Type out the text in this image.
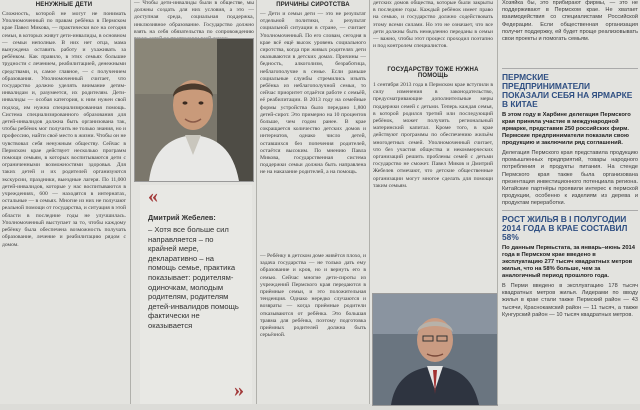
НЕНУЖНЫЕ ДЕТИ

Сложность, которой не могут не понимать Уполномоченный по правам ребёнка в Пермском крае Павел Микова, — практически все на сегодня семьи, в которых живут дети-инвалиды, в основном — семьи неполные. В них нет отца, мама вынуждена оставить работу и ухаживать за ребёнком. Как правило, в этих семьях большие трудности с лечением, реабилитацией, денежными средствами, и, самое главное, — с получением образования. Уполномоченный считает, что государство должно уделять внимание детям-инвалидам и, разумеется, их родителям. Дети-инвалиды — особая категория, к ним нужен свой подход, им нужна специализированная помощь. Система специализированного образования для детей-инвалидов должна быть организована так, чтобы ребёнок мог получить не только знания, но и профессию, найти своё место в жизни. Чтобы он не чувствовал себя ненужным обществу. Сейчас в Пермском крае действует несколько программ помощи семьям, в которых воспитываются дети с ограниченными возможностями здоровья. Для таких детей и их родителей организуются экскурсии, праздники, выездные лагеря. По 11,000 детей-инвалидов, которые у нас воспитываются в учреждениях, 600 — находятся в интернатах, остальные — в семьях. Многие из них не получают реальной помощи от государства, и ситуация в этой области в последние годы не улучшилась. Уполномоченный выступает за то, чтобы каждому ребёнку была обеспечена возможность получать образование, лечение и реабилитацию рядом с домом.

— Чтобы дети-инвалиды были в обществе, мы должны создать для них условия, а это — доступная среда, социальная поддержка, инклюзивное образование. Государство должно взять на себя обязательства по сопровождению

«
Дмитрий Жебелев:
– Хотя все больше сил направляется – по крайней мере, декларативно – на помощь семье, практика показывает: родителям-одиночкам, молодым родителям, родителям детей-инвалидов помощь фактически не оказывается
»
ПРИЧИНЫ СИРОТСТВА

— Дети и семьи дети — это не результат отдельной политики, а результат социальной ситуации в стране, — считает Уполномоченный. По его словам, сегодня в крае всё ещё высок уровень социального сиротства, когда при живых родителях дети оказываются в детских домах. Причины — бедность, алкоголизм, безработица, неблагополучие в семье. Если раньше социальные службы стремились изъять ребёнка из неблагополучной семьи, то сейчас приоритет отдаётся работе с семьёй, её реабилитации. В 2013 году на семейные формы устройства было передано 1,800 детей-сирот. Это примерно на 10 процентов больше, чем годом ранее. В крае сокращается количество детских домов и интернатов, однако число детей, оставшихся без попечения родителей, остаётся высоким. По мнению Павла Микова, государственная система поддержки семьи должна быть направлена не на наказание родителей, а на помощь.

— Ребёнку в детском доме живётся плохо, и задача государства — не только дать ему образование и кров, но и вернуть его в семью. Сейчас многие дети-сироты из учреждений Пермского края передаются в приёмные семьи, и это положительная тенденция. Однако нередко случаются и возвраты — когда приёмные родители отказываются от ребёнка. Это большая травма для ребёнка, поэтому подготовка приёмных родителей должна быть серьёзной.

детских домов общества, которые были закрыты в последние годы. Каждый ребёнок имеет право на семью, и государство должно содействовать этому всеми силами. Но это не означает, что все дети должны быть немедленно переданы в семьи — важно, чтобы этот процесс проходил поэтапно и под контролем специалистов.

ГОСУДАРСТВУ ТОЖЕ НУЖНА ПОМОЩЬ

1 сентября 2013 года в Пермском крае вступили в силу изменения в законодательство, предусматривающие дополнительные меры поддержки семей с детьми. Теперь каждая семья, в которой родился третий или последующий ребёнок, может получить региональный материнский капитал. Кроме того, в крае действуют программы по обеспечению жильём многодетных семей. Уполномоченный считает, что без участия общества и некоммерческих организаций решить проблемы семей с детьми государство не сможет. Павел Миков и Дмитрий Жебелев отмечают, что детские общественные организации могут многое сделать для помощи таким семьям.

Хозяйка бы, это прибирают фирмы, — это не поддерживают в Пермском крае. Не хватает взаимодействия со специалистами Российской Федерации. Если общественная организация получит поддержку, ей будет проще реализовывать свои проекты и помогать семьям.

ПЕРМСКИЕ ПРЕДПРИНИМАТЕЛИ ПОКАЗАЛИ СЕБЯ НА ЯРМАРКЕ В КИТАЕ

В этом году в Харбине делегация Пермского края приняла участие в международной ярмарке, представив 250 российских фирм. Пермские предприниматели показали свою продукцию и заключили ряд соглашений.

Делегация Пермского края представила продукцию промышленных предприятий, товары народного потребления и продукты питания. На стенде Пермского края также была организована презентация инвестиционного потенциала региона. Китайские партнёры проявили интерес к пермской продукции, особенно к изделиям из дерева и продуктам переработки.

РОСТ ЖИЛЬЯ В I ПОЛУГОДИИ 2014 ГОДА В КРАЕ СОСТАВИЛ 58%

По данным Пермьстата, за январь–июнь 2014 года в Пермском крае введено в эксплуатацию 277 тысяч квадратных метров жилья, что на 58% больше, чем за аналогичный период прошлого года.

В Перми введено в эксплуатацию 178 тысяч квадратных метров жилья. Лидерами по вводу жилья в крае стали также Пермский район — 43 тысячи, Краснокамский район — 11 тысяч, а также Кунгурский район — 10 тысяч квадратных метров.
